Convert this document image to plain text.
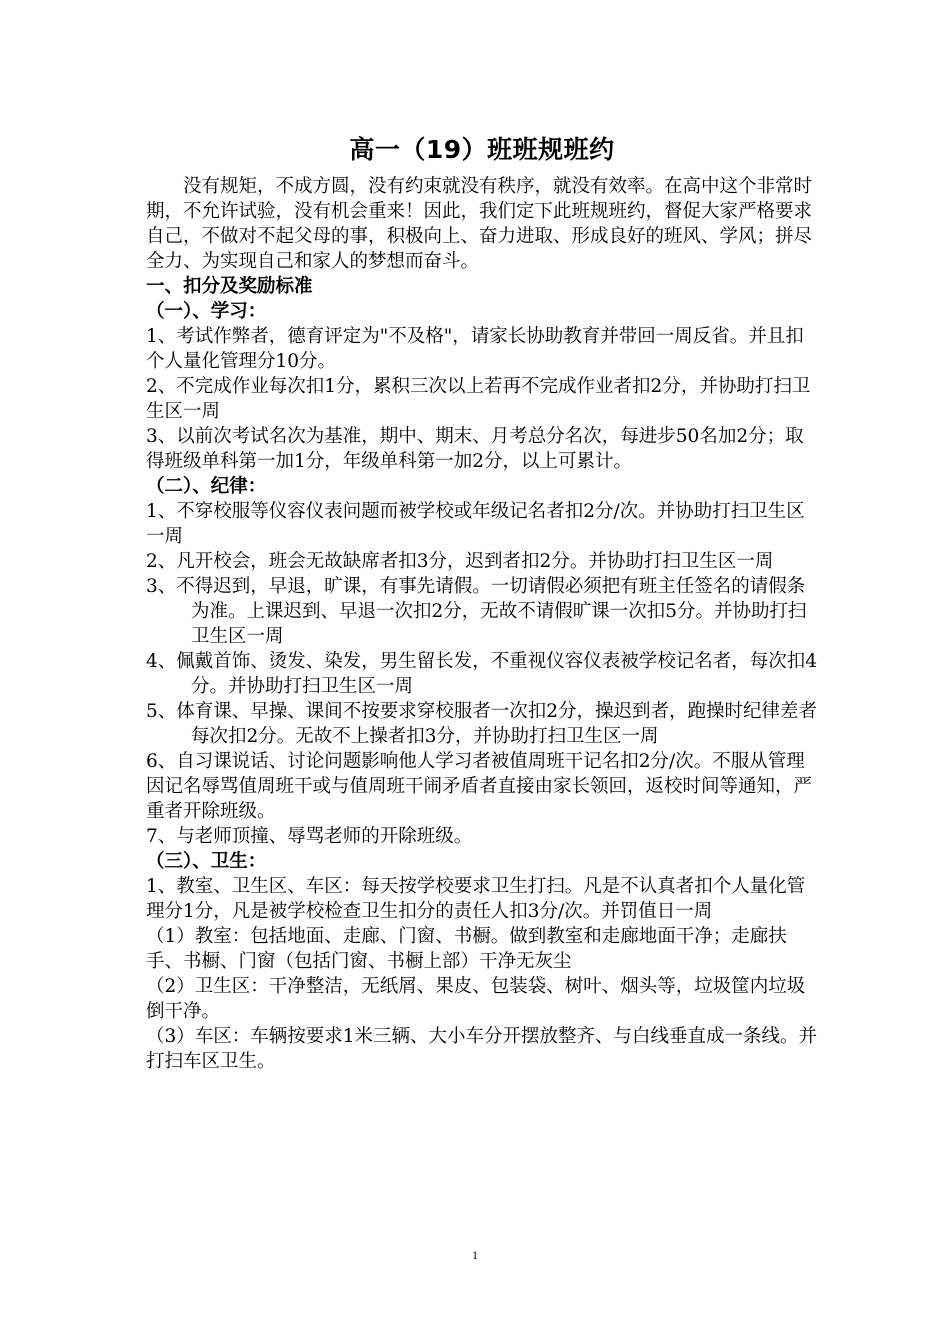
高一（19）班班规班约

没有规矩，不成方圆，没有约束就没有秩序，就没有效率。在高中这个非常时期，不允许试验，没有机会重来！因此，我们定下此班规班约，督促大家严格要求自己，不做对不起父母的事，积极向上、奋力进取、形成良好的班风、学风；拼尽全力、为实现自己和家人的梦想而奋斗。

一、扣分及奖励标准

（一）、学习：

1、考试作弊者，德育评定为"不及格"，请家长协助教育并带回一周反省。并且扣个人量化管理分10分。

2、不完成作业每次扣1分，累积三次以上若再不完成作业者扣2分，并协助打扫卫生区一周

3、以前次考试名次为基准，期中、期末、月考总分名次，每进步50名加2分；取得班级单科第一加1分，年级单科第一加2分，以上可累计。

（二）、纪律：

1、不穿校服等仪容仪表问题而被学校或年级记名者扣2分/次。并协助打扫卫生区一周

2、凡开校会，班会无故缺席者扣3分，迟到者扣2分。并协助打扫卫生区一周

3、不得迟到，早退，旷课，有事先请假。一切请假必须把有班主任签名的请假条为准。上课迟到、早退一次扣2分，无故不请假旷课一次扣5分。并协助打扫卫生区一周

4、佩戴首饰、烫发、染发，男生留长发，不重视仪容仪表被学校记名者，每次扣4分。并协助打扫卫生区一周

5、体育课、早操、课间不按要求穿校服者一次扣2分，操迟到者，跑操时纪律差者每次扣2分。无故不上操者扣3分，并协助打扫卫生区一周

6、自习课说话、讨论问题影响他人学习者被值周班干记名扣2分/次。不服从管理因记名辱骂值周班干或与值周班干闹矛盾者直接由家长领回，返校时间等通知，严重者开除班级。

7、与老师顶撞、辱骂老师的开除班级。

（三）、卫生：

1、教室、卫生区、车区：每天按学校要求卫生打扫。凡是不认真者扣个人量化管理分1分，凡是被学校检查卫生扣分的责任人扣3分/次。并罚值日一周

（1）教室：包括地面、走廊、门窗、书橱。做到教室和走廊地面干净；走廊扶手、书橱、门窗（包括门窗、书橱上部）干净无灰尘

（2）卫生区：干净整洁，无纸屑、果皮、包装袋、树叶、烟头等，垃圾筐内垃圾倒干净。

（3）车区：车辆按要求1米三辆、大小车分开摆放整齐、与白线垂直成一条线。并打扫车区卫生。

1
